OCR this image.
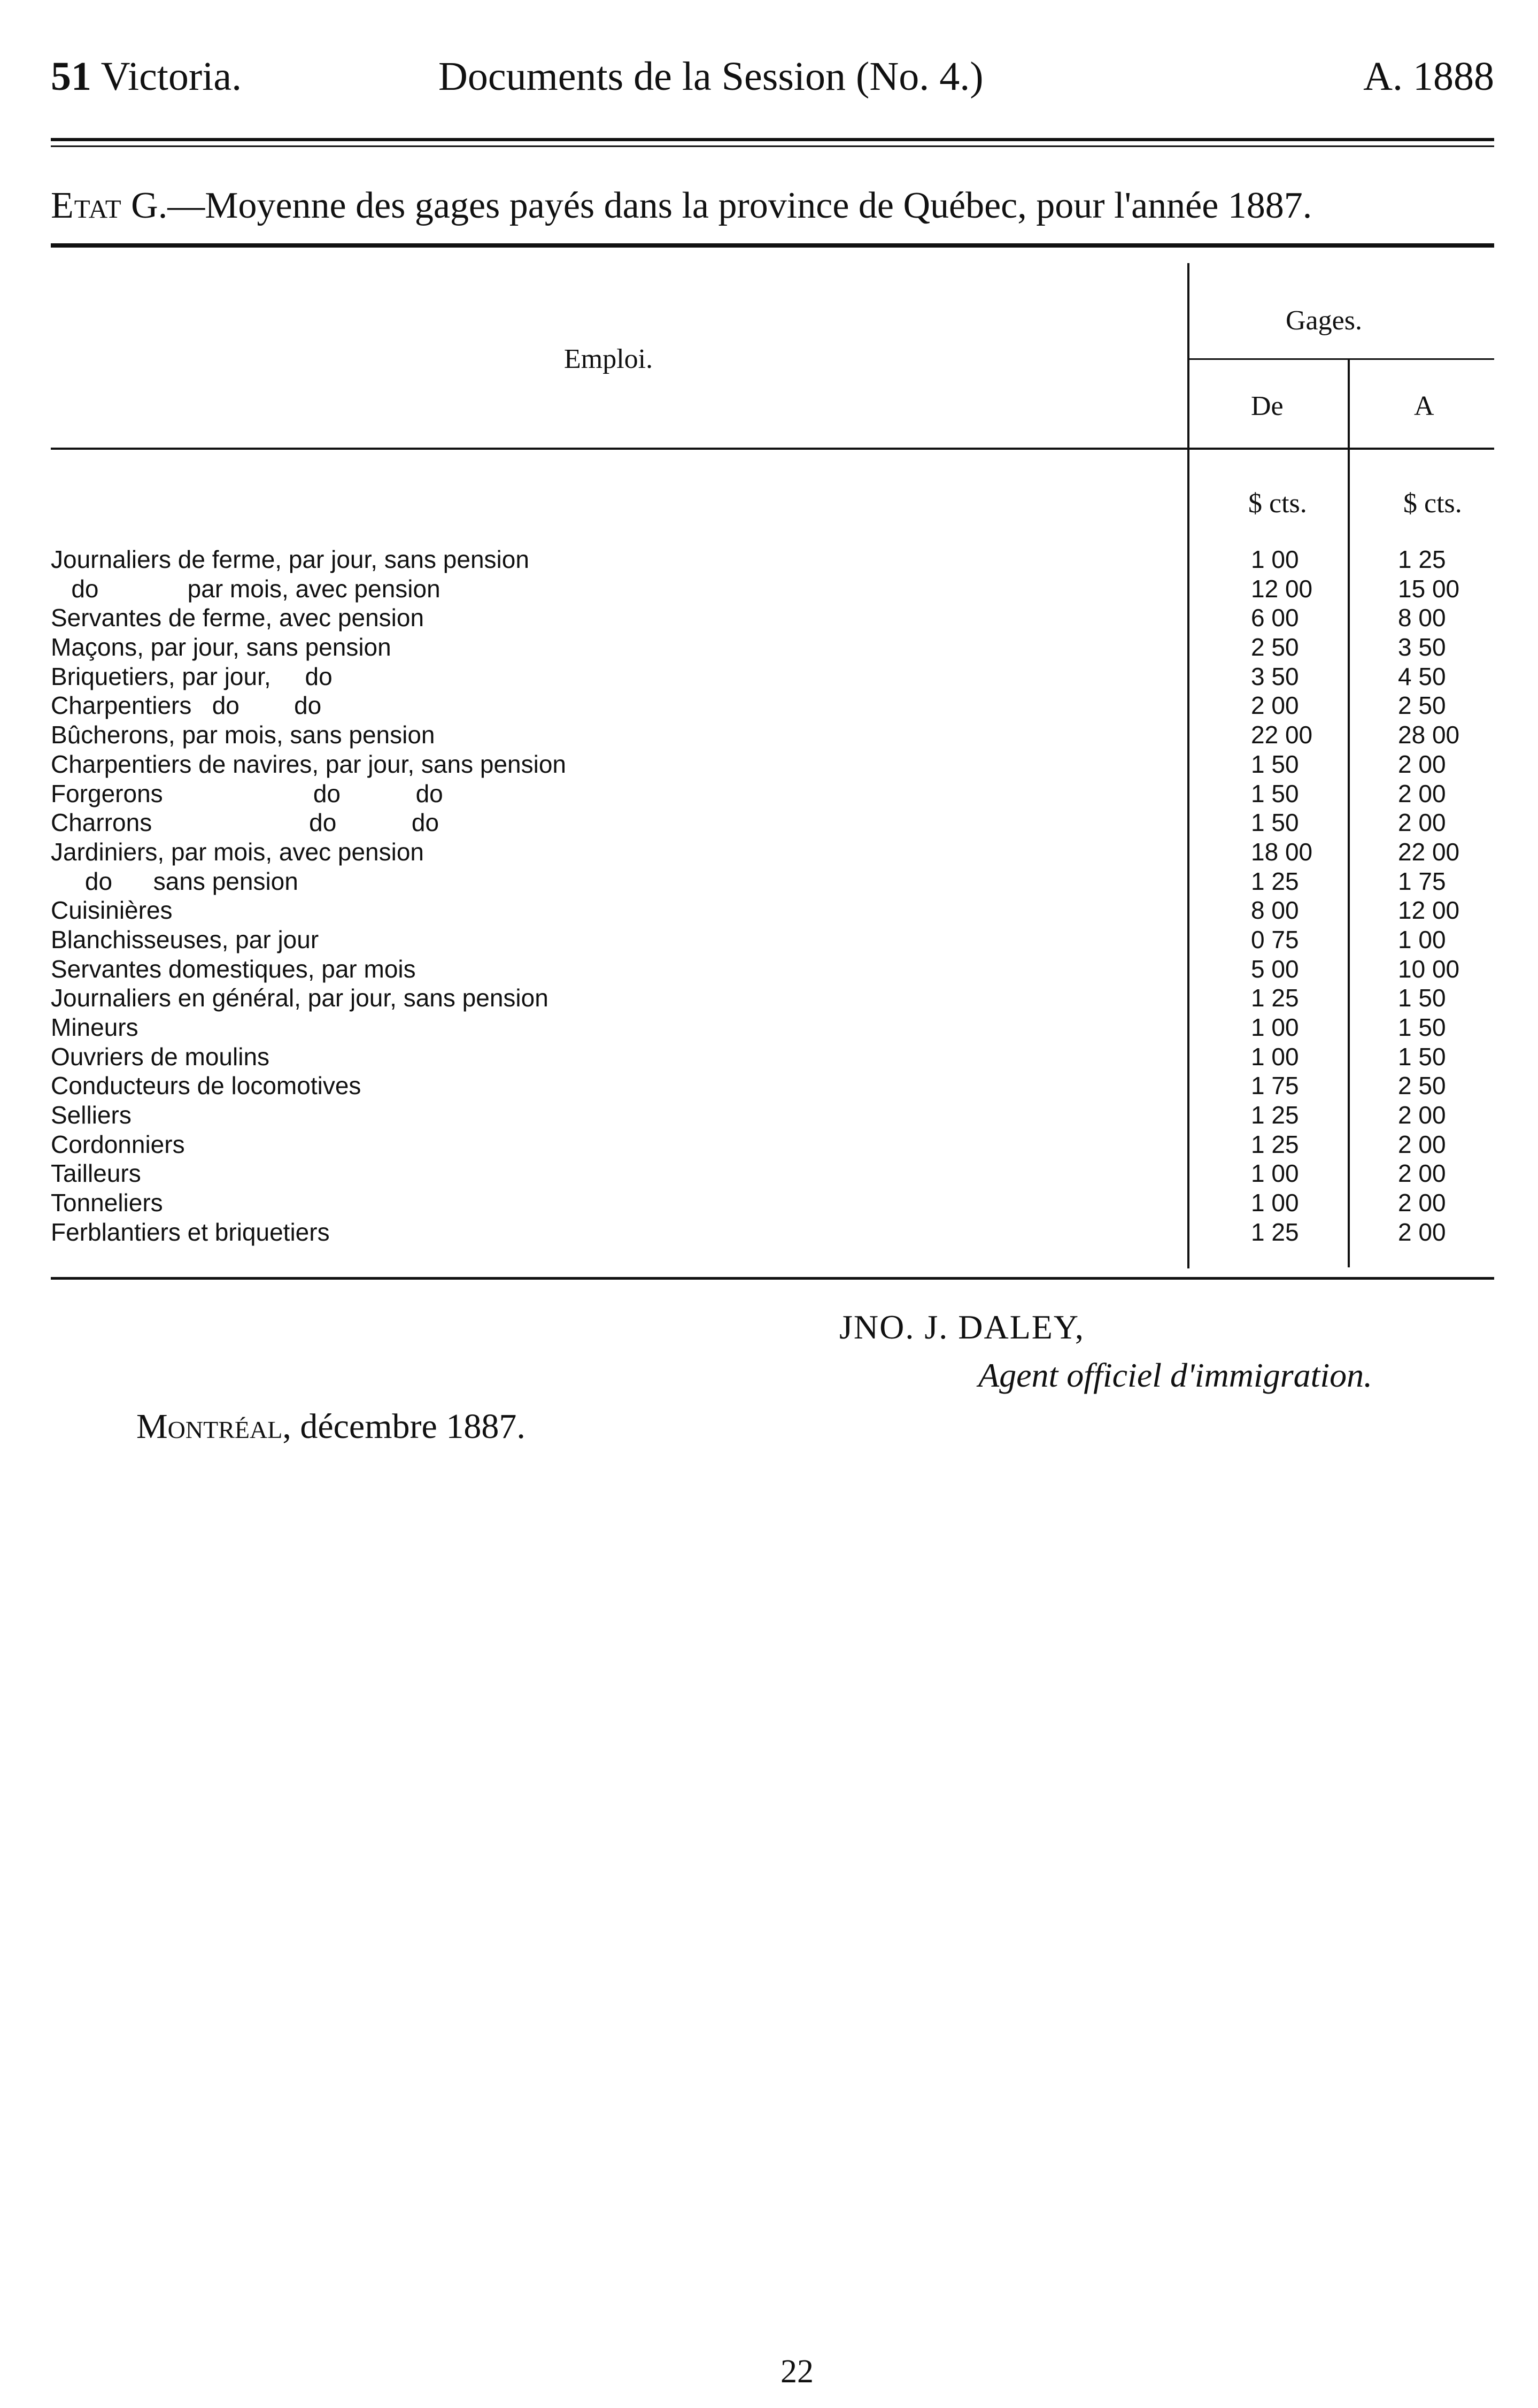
51 Victoria.	Documents de la Session (No. 4.)	A. 1888
Etat G.—Moyenne des gages payés dans la province de Québec, pour l'année 1887.
Emploi.
Gages.
De	A
$ cts.	$ cts.
Journaliers de ferme, par jour, sans pension	1 00	1 25
do             par mois, avec pension	12 00	15 00
Servantes de ferme, avec pension	6 00	8 00
Maçons, par jour, sans pension	2 50	3 50
Briquetiers, par jour,     do	3 50	4 50
Charpentiers   do        do	2 00	2 50
Bûcherons, par mois, sans pension	22 00	28 00
Charpentiers de navires, par jour, sans pension	1 50	2 00
Forgerons                      do           do	1 50	2 00
Charrons                       do           do	1 50	2 00
Jardiniers, par mois, avec pension	18 00	22 00
do      sans pension	1 25	1 75
Cuisinières	8 00	12 00
Blanchisseuses, par jour	0 75	1 00
Servantes domestiques, par mois	5 00	10 00
Journaliers en général, par jour, sans pension	1 25	1 50
Mineurs	1 00	1 50
Ouvriers de moulins	1 00	1 50
Conducteurs de locomotives	1 75	2 50
Selliers	1 25	2 00
Cordonniers	1 25	2 00
Tailleurs	1 00	2 00
Tonneliers	1 00	2 00
Ferblantiers et briquetiers	1 25	2 00
JNO. J. DALEY,
Agent officiel d'immigration.
Montréal, décembre 1887.
22
